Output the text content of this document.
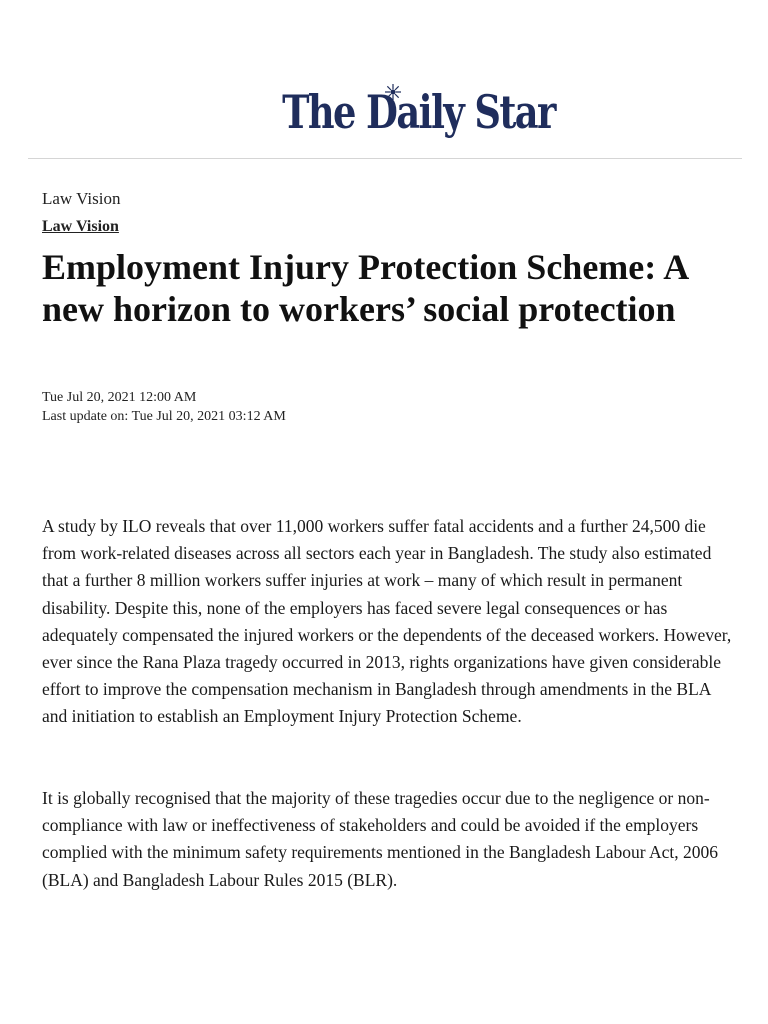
The Daily Star
Law Vision
Law Vision
Employment Injury Protection Scheme: A new horizon to workers’ social protection
Tue Jul 20, 2021 12:00 AM
Last update on: Tue Jul 20, 2021 03:12 AM

A study by ILO reveals that over 11,000 workers suffer fatal accidents and a further 24,500 die from work-related diseases across all sectors each year in Bangladesh. The study also estimated that a further 8 million workers suffer injuries at work – many of which result in permanent disability. Despite this, none of the employers has faced severe legal consequences or has adequately compensated the injured workers or the dependents of the deceased workers. However, ever since the Rana Plaza tragedy occurred in 2013, rights organizations have given considerable effort to improve the compensation mechanism in Bangladesh through amendments in the BLA and initiation to establish an Employment Injury Protection Scheme.

It is globally recognised that the majority of these tragedies occur due to the negligence or non-compliance with law or ineffectiveness of stakeholders and could be avoided if the employers complied with the minimum safety requirements mentioned in the Bangladesh Labour Act, 2006 (BLA) and Bangladesh Labour Rules 2015 (BLR).
